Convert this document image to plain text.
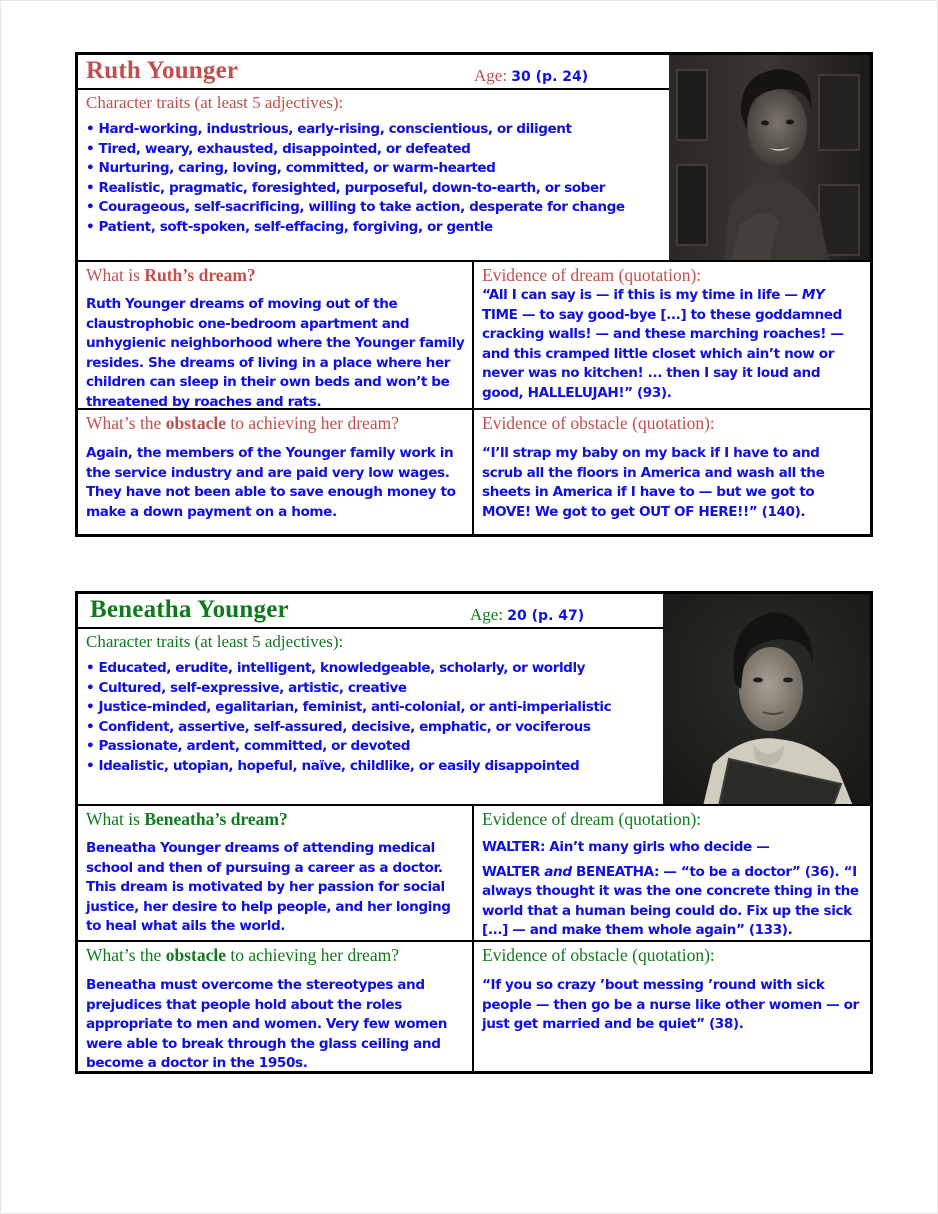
Ruth Younger	Age: 30 (p. 24)
Character traits (at least 5 adjectives):
• Hard-working, industrious, early-rising, conscientious, or diligent
• Tired, weary, exhausted, disappointed, or defeated
• Nurturing, caring, loving, committed, or warm-hearted
• Realistic, pragmatic, foresighted, purposeful, down-to-earth, or sober
• Courageous, self-sacrificing, willing to take action, desperate for change
• Patient, soft-spoken, self-effacing, forgiving, or gentle
What is Ruth’s dream?

Ruth Younger dreams of moving out of the claustrophobic one-bedroom apartment and unhygienic neighborhood where the Younger family resides. She dreams of living in a place where her children can sleep in their own beds and won’t be threatened by roaches and rats.

Evidence of dream (quotation):

“All I can say is — if this is my time in life — MY TIME — to say good-bye [...] to these goddamned cracking walls! — and these marching roaches! — and this cramped little closet which ain’t now or never was no kitchen! ... then I say it loud and good, HALLELUJAH!” (93).

What’s the obstacle to achieving her dream?

Again, the members of the Younger family work in the service industry and are paid very low wages. They have not been able to save enough money to make a down payment on a home.

Evidence of obstacle (quotation):

“I’ll strap my baby on my back if I have to and scrub all the floors in America and wash all the sheets in America if I have to — but we got to MOVE! We got to get OUT OF HERE!!” (140).

Beneatha Younger	Age: 20 (p. 47)
Character traits (at least 5 adjectives):
• Educated, erudite, intelligent, knowledgeable, scholarly, or worldly
• Cultured, self-expressive, artistic, creative
• Justice-minded, egalitarian, feminist, anti-colonial, or anti-imperialistic
• Confident, assertive, self-assured, decisive, emphatic, or vociferous
• Passionate, ardent, committed, or devoted
• Idealistic, utopian, hopeful, naïve, childlike, or easily disappointed
What is Beneatha’s dream?

Beneatha Younger dreams of attending medical school and then of pursuing a career as a doctor. This dream is motivated by her passion for social justice, her desire to help people, and her longing to heal what ails the world.

Evidence of dream (quotation):

WALTER: Ain’t many girls who decide —

WALTER and BENEATHA: — “to be a doctor” (36). “I always thought it was the one concrete thing in the world that a human being could do. Fix up the sick [...] — and make them whole again” (133).

What’s the obstacle to achieving her dream?

Beneatha must overcome the stereotypes and prejudices that people hold about the roles appropriate to men and women. Very few women were able to break through the glass ceiling and become a doctor in the 1950s.

Evidence of obstacle (quotation):

“If you so crazy ’bout messing ’round with sick people — then go be a nurse like other women — or just get married and be quiet” (38).
